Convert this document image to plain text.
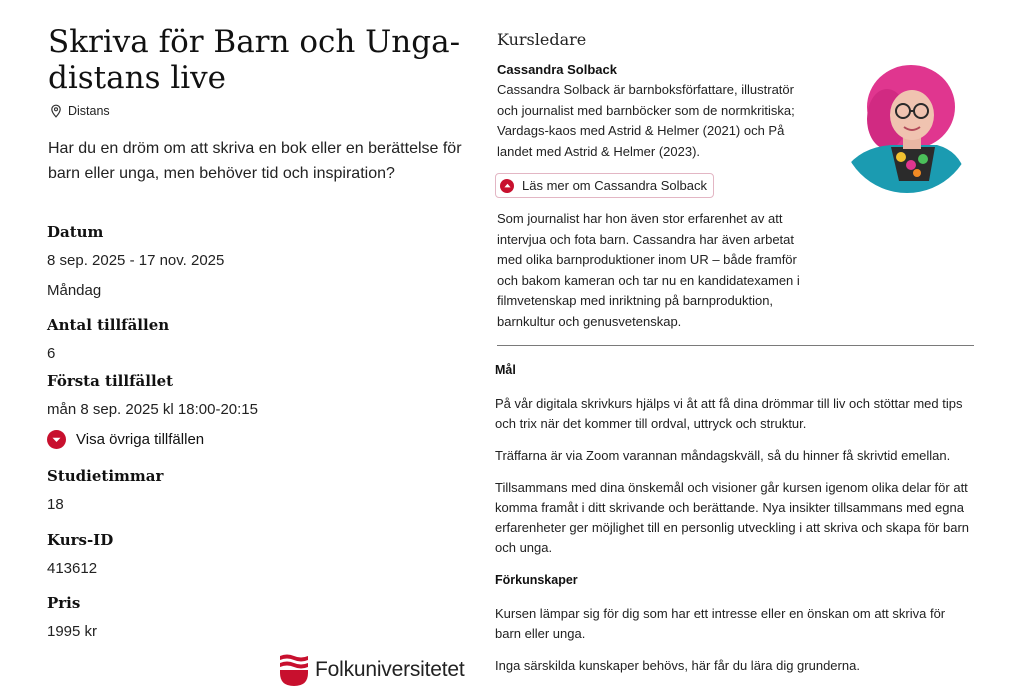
Skriva för Barn och Unga- distans live
Distans

Har du en dröm om att skriva en bok eller en berättelse för barn eller unga, men behöver tid och inspiration?

Datum
8 sep. 2025 - 17 nov. 2025
Måndag
Antal tillfällen
6
Första tillfället
mån 8 sep. 2025 kl 18:00-20:15
Visa övriga tillfällen
Studietimmar
18
Kurs-ID
413612
Pris
1995 kr
Folkuniversitetet
Kursledare
Cassandra Solback

Cassandra Solback är barnboksförfattare, illustratör och journalist med barnböcker som de normkritiska; Vardags-kaos med Astrid & Helmer (2021) och På landet med Astrid & Helmer (2023).

Läs mer om Cassandra Solback

Som journalist har hon även stor erfarenhet av att intervjua och fota barn. Cassandra har även arbetat med olika barnproduktioner inom UR – både framför och bakom kameran och tar nu en kandidatexamen i filmvetenskap med inriktning på barnproduktion, barnkultur och genusvetenskap.

Mål

På vår digitala skrivkurs hjälps vi åt att få dina drömmar till liv och stöttar med tips och trix när det kommer till ordval, uttryck och struktur.

Träffarna är via Zoom varannan måndagskväll, så du hinner få skrivtid emellan.

Tillsammans med dina önskemål och visioner går kursen igenom olika delar för att komma framåt i ditt skrivande och berättande. Nya insikter tillsammans med egna erfarenheter ger möjlighet till en personlig utveckling i att skriva och skapa för barn och unga.

Förkunskaper

Kursen lämpar sig för dig som har ett intresse eller en önskan om att skriva för barn eller unga.

Inga särskilda kunskaper behövs, här får du lära dig grunderna.
